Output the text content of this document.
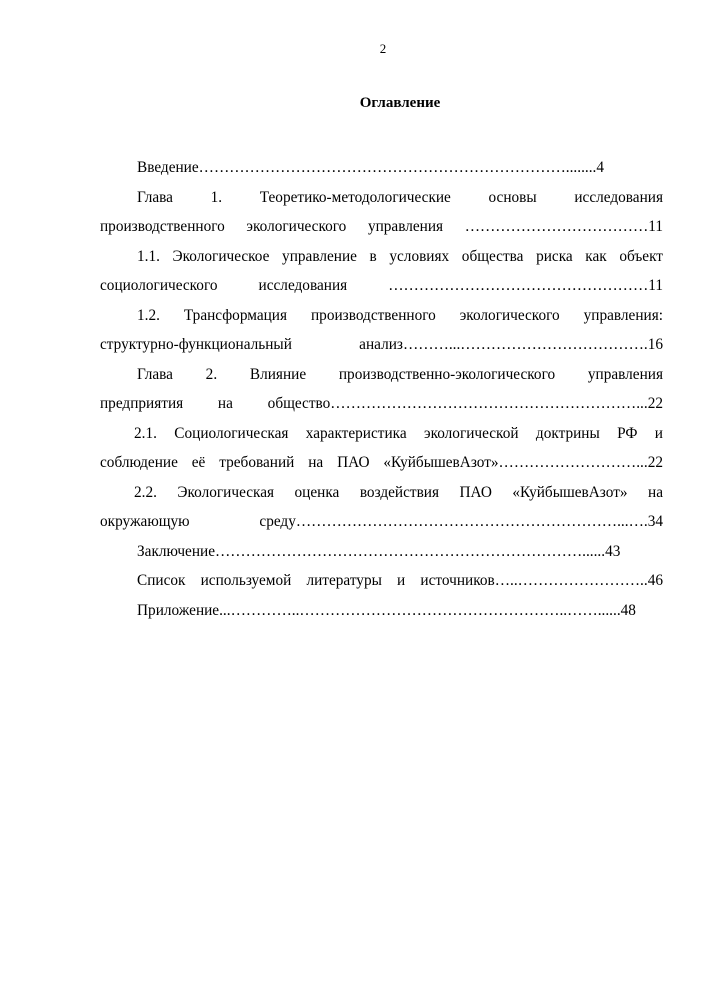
2
Оглавление
Введение………………………………………………………………........4
Глава 1. Теоретико-методологические основы исследования
производственного экологического управления ………………………………11
1.1. Экологическое управление в условиях общества риска как объект
социологического исследования ……………………………………………11
1.2. Трансформация производственного экологического управления:
структурно-функциональный анализ………...……………………………….16
Глава 2. Влияние производственно-экологического управления
предприятия на общество……………………………………………………...22
2.1. Социологическая характеристика экологической доктрины РФ и
соблюдение её требований на ПАО «КуйбышевАзот»………………………...22
2.2. Экологическая оценка воздействия ПАО «КуйбышевАзот» на
окружающую среду………………………………………………………...….34
Заключение………………………………………………………………......43
Список используемой литературы и источников…..……………………..46
Приложение...…………..……………………………………………..……......48
